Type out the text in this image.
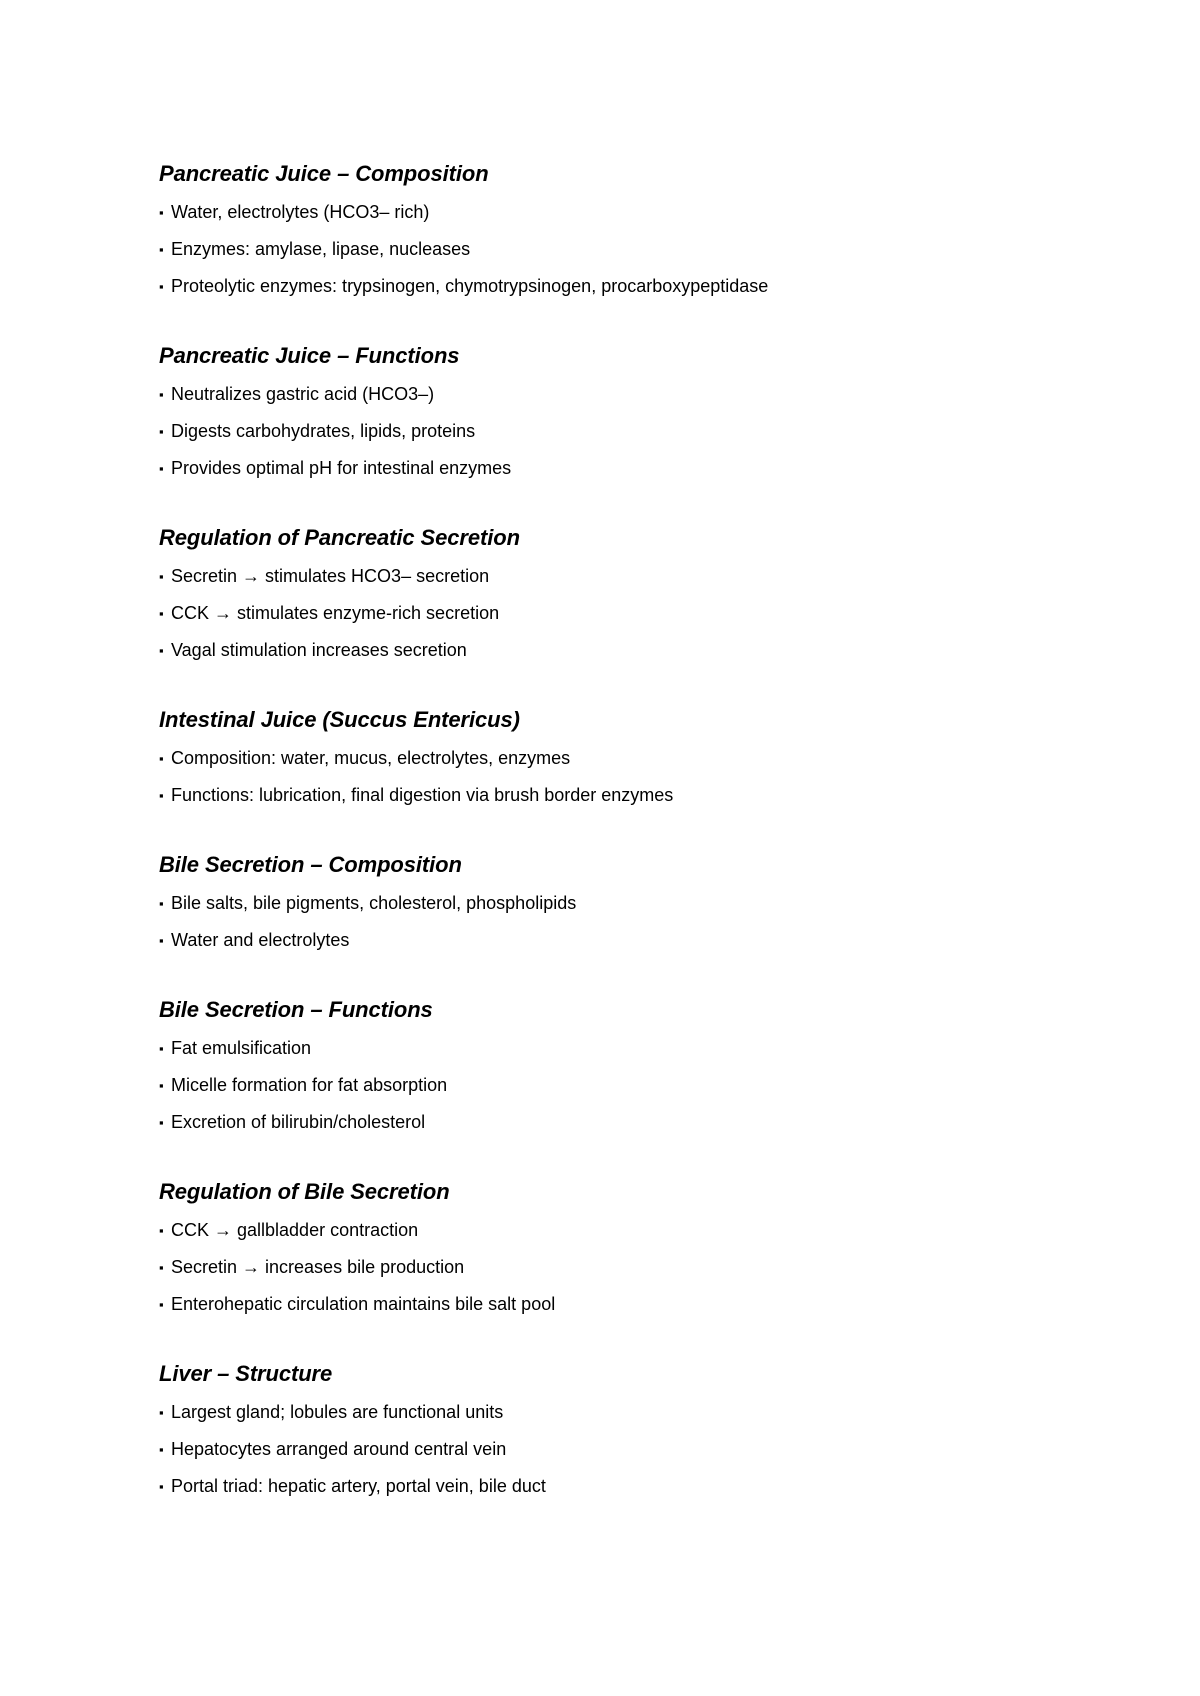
Pancreatic Juice – Composition
▪ Water, electrolytes (HCO3– rich)
▪ Enzymes: amylase, lipase, nucleases
▪ Proteolytic enzymes: trypsinogen, chymotrypsinogen, procarboxypeptidase
Pancreatic Juice – Functions
▪ Neutralizes gastric acid (HCO3–)
▪ Digests carbohydrates, lipids, proteins
▪ Provides optimal pH for intestinal enzymes
Regulation of Pancreatic Secretion
▪ Secretin → stimulates HCO3– secretion
▪ CCK → stimulates enzyme-rich secretion
▪ Vagal stimulation increases secretion
Intestinal Juice (Succus Entericus)
▪ Composition: water, mucus, electrolytes, enzymes
▪ Functions: lubrication, final digestion via brush border enzymes
Bile Secretion – Composition
▪ Bile salts, bile pigments, cholesterol, phospholipids
▪ Water and electrolytes
Bile Secretion – Functions
▪ Fat emulsification
▪ Micelle formation for fat absorption
▪ Excretion of bilirubin/cholesterol
Regulation of Bile Secretion
▪ CCK → gallbladder contraction
▪ Secretin → increases bile production
▪ Enterohepatic circulation maintains bile salt pool
Liver – Structure
▪ Largest gland; lobules are functional units
▪ Hepatocytes arranged around central vein
▪ Portal triad: hepatic artery, portal vein, bile duct
